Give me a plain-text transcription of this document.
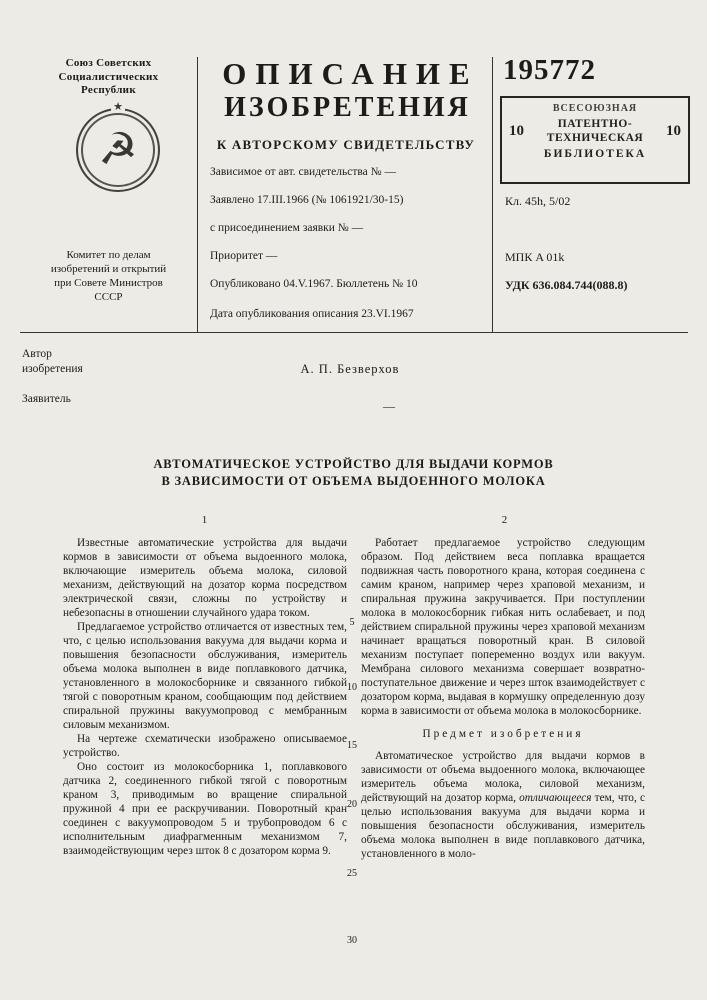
Союз Советских
Социалистических
Республик
★
☭
Комитет по делам
изобретений и открытий
при Совете Министров
СССР
ОПИСАНИЕ
ИЗОБРЕТЕНИЯ
К АВТОРСКОМУ СВИДЕТЕЛЬСТВУ
Зависимое от авт. свидетельства № —
Заявлено 17.III.1966 (№ 1061921/30-15)
с присоединением заявки № —
Приоритет —
Опубликовано 04.V.1967. Бюллетень № 10
Дата опубликования описания 23.VI.1967
195772
ВСЕСОЮЗНАЯ
10	ПАТЕНТНО-
ТЕХНИЧЕСКАЯ 10
БИБЛИОТЕКА
Кл. 45h, 5/02
МПК A 01k
УДК 636.084.744(088.8)
Автор
изобретения	А. П. Безверхов
Заявитель	—
АВТОМАТИЧЕСКОЕ УСТРОЙСТВО ДЛЯ ВЫДАЧИ КОРМОВ
В ЗАВИСИМОСТИ ОТ ОБЪЕМА ВЫДОЕННОГО МОЛОКА
1	2

Известные автоматические устройства для выдачи кормов в зависимости от объема выдоенного молока, включающие измеритель объема молока, силовой механизм, действующий на дозатор корма посредством электрической связи, сложны по устройству и небезопасны в отношении случайного удара током.

Предлагаемое устройство отличается от известных тем, что, с целью использования вакуума для выдачи корма и повышения безопасности обслуживания, измеритель объема молока выполнен в виде поплавкового датчика, установленного в молокосборнике и связанного гибкой тягой с поворотным краном, сообщающим под действием спиральной пружины вакуумопровод с мембранным силовым механизмом.

На чертеже схематически изображено описываемое устройство.

Оно состоит из молокосборника 1, поплавкового датчика 2, соединенного гибкой тягой с поворотным краном 3, приводимым во вращение спиральной пружиной 4 при ее раскручивании. Поворотный кран соединен с вакуумопроводом 5 и трубопроводом 6 с исполнительным диафрагменным механизмом 7, взаимодействующим через шток 8 с дозатором корма 9.

Работает предлагаемое устройство следующим образом. Под действием веса поплавка вращается подвижная часть поворотного крана, которая соединена с самим краном, например через храповой механизм, и спиральная пружина закручивается. При поступлении молока в молокосборник гибкая нить ослабевает, и под действием спиральной пружины через храповой механизм начинает вращаться поворотный кран. В силовой механизм поступает попеременно воздух или вакуум. Мембрана силового механизма совершает возвратно-поступательное движение и через шток взаимодействует с дозатором корма, выдавая в кормушку определенную дозу корма в зависимости от объема молока в молокосборнике.

Предмет изобретения

Автоматическое устройство для выдачи кормов в зависимости от объема выдоенного молока, включающее измеритель объема молока, силовой механизм, действующий на дозатор корма, отличающееся тем, что, с целью использования вакуума для выдачи корма и повышения безопасности обслуживания, измеритель объема молока выполнен в виде поплавкового датчика, установленного в моло-

5
10
15
20
25
30
